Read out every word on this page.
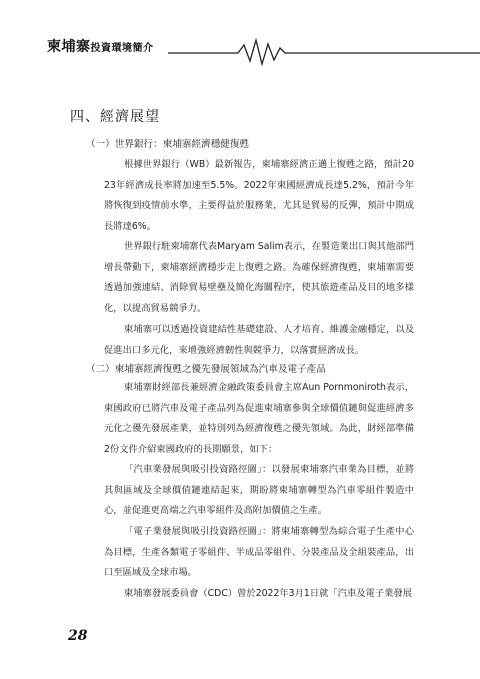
柬埔寨投資環境簡介
四、經濟展望
（一）世界銀行：柬埔寨經濟穩健復甦

根據世界銀行（WB）最新報告，柬埔寨經濟正邁上復甦之路，預計2023年經濟成長率將加速至5.5%。2022年柬國經濟成長達5.2%，預計今年將恢復到疫情前水準，主要得益於服務業，尤其是貿易的反彈，預計中期成長將達6%。

世界銀行駐柬埔寨代表Maryam Salim表示，在製造業出口與其他部門增長帶動下，柬埔寨經濟穩步走上復甦之路。為確保經濟復甦，柬埔寨需要透過加強連結、消除貿易壁壘及簡化海關程序，使其旅遊產品及目的地多樣化，以提高貿易競爭力。

柬埔寨可以透過投資建結性基礎建設、人才培育、維護金融穩定，以及促進出口多元化，來增強經濟韌性與競爭力，以落實經濟成長。

（二）柬埔寨經濟復甦之優先發展領域為汽車及電子產品

柬埔寨財經部長兼經濟金融政策委員會主席Aun Pornmoniroth表示，柬國政府已將汽車及電子產品列為促進柬埔寨參與全球價值鏈與促進經濟多元化之優先發展產業，並特別列為經濟復甦之優先領域。為此，財經部準備2份文件介紹柬國政府的長期願景，如下：

「汽車業發展與吸引投資路徑圖」：以發展柬埔寨汽車業為目標，並將其與區域及全球價值鏈連結起來，期盼將柬埔寨轉型為汽車零組件製造中心，並促進更高端之汽車零組件及高附加價值之生產。

「電子業發展與吸引投資路徑圖」：將柬埔寨轉型為綜合電子生產中心為目標，生產各類電子零組件、半成品零組件、分裝產品及全組裝產品，出口至區域及全球市場。

柬埔寨發展委員會（CDC）曾於2022年3月1日就「汽車及電子業發展

28
